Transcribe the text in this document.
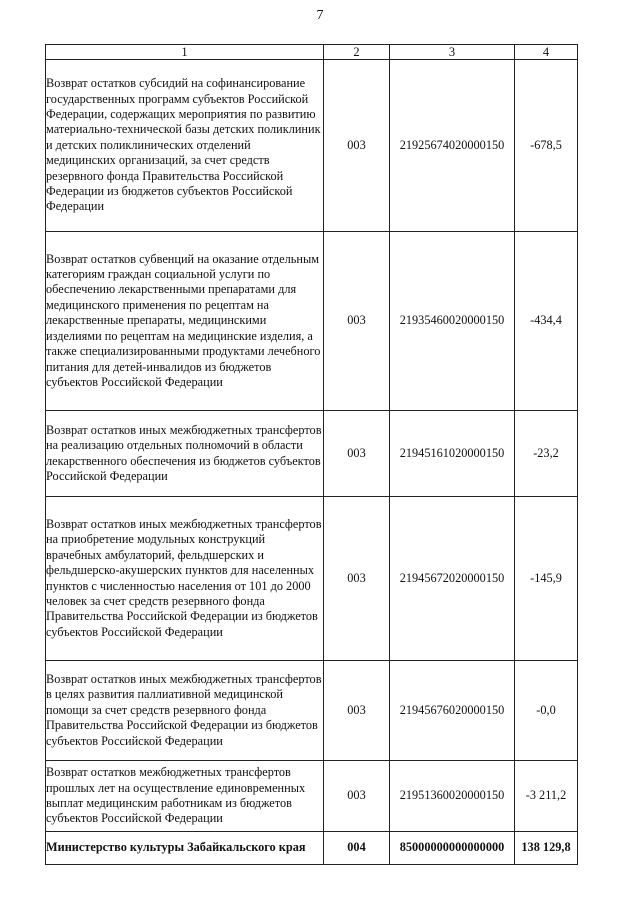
7
1	2	3	4
Возврат остатков субсидий на софинансирование государственных программ субъектов Российской Федерации, содержащих мероприятия по развитию материально-технической базы детских поликлиник и детских поликлинических отделений медицинских организаций, за счет средств резервного фонда Правительства Российской Федерации из бюджетов субъектов Российской Федерации	003	21925674020000150	-678,5
Возврат остатков субвенций на оказание отдельным категориям граждан социальной услуги по обеспечению лекарственными препаратами для медицинского применения по рецептам на лекарственные препараты, медицинскими изделиями по рецептам на медицинские изделия, а также специализированными продуктами лечебного питания для детей-инвалидов из бюджетов субъектов Российской Федерации	003	21935460020000150	-434,4
Возврат остатков иных межбюджетных трансфертов на реализацию отдельных полномочий в области лекарственного обеспечения из бюджетов субъектов Российской Федерации	003	21945161020000150	-23,2
Возврат остатков иных межбюджетных трансфертов на приобретение модульных конструкций врачебных амбулаторий, фельдшерских и фельдшерско-акушерских пунктов для населенных пунктов с численностью населения от 101 до 2000 человек за счет средств резервного фонда Правительства Российской Федерации из бюджетов субъектов Российской Федерации	003	21945672020000150	-145,9
Возврат остатков иных межбюджетных трансфертов в целях развития паллиативной медицинской помощи за счет средств резервного фонда Правительства Российской Федерации из бюджетов субъектов Российской Федерации	003	21945676020000150	-0,0
Возврат остатков межбюджетных трансфертов прошлых лет на осуществление единовременных выплат медицинским работникам из бюджетов субъектов Российской Федерации	003	21951360020000150	-3 211,2
Министерство культуры Забайкальского края	004	85000000000000000	138 129,8
